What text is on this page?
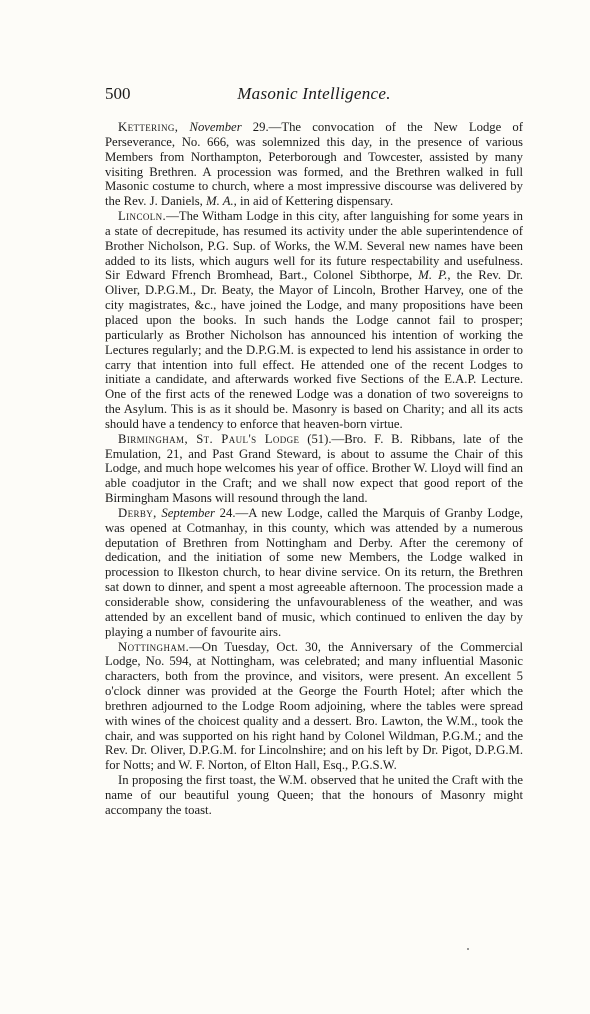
500	Masonic Intelligence.

Kettering, November 29.—The convocation of the New Lodge of Perseverance, No. 666, was solemnized this day, in the presence of various Members from Northampton, Peterborough and Towcester, assisted by many visiting Brethren. A procession was formed, and the Brethren walked in full Masonic costume to church, where a most impressive discourse was delivered by the Rev. J. Daniels, M. A., in aid of Kettering dispensary.

Lincoln.—The Witham Lodge in this city, after languishing for some years in a state of decrepitude, has resumed its activity under the able superintendence of Brother Nicholson, P.G. Sup. of Works, the W.M. Several new names have been added to its lists, which augurs well for its future respectability and usefulness. Sir Edward Ffrench Bromhead, Bart., Colonel Sibthorpe, M. P., the Rev. Dr. Oliver, D.P.G.M., Dr. Beaty, the Mayor of Lincoln, Brother Harvey, one of the city magistrates, &c., have joined the Lodge, and many propositions have been placed upon the books. In such hands the Lodge cannot fail to prosper; particularly as Brother Nicholson has announced his intention of working the Lectures regularly; and the D.P.G.M. is expected to lend his assistance in order to carry that intention into full effect. He attended one of the recent Lodges to initiate a candidate, and afterwards worked five Sections of the E.A.P. Lecture. One of the first acts of the renewed Lodge was a donation of two sovereigns to the Asylum. This is as it should be. Masonry is based on Charity; and all its acts should have a tendency to enforce that heaven-born virtue.

Birmingham, St. Paul's Lodge (51).—Bro. F. B. Ribbans, late of the Emulation, 21, and Past Grand Steward, is about to assume the Chair of this Lodge, and much hope welcomes his year of office. Brother W. Lloyd will find an able coadjutor in the Craft; and we shall now expect that good report of the Birmingham Masons will resound through the land.

Derby, September 24.—A new Lodge, called the Marquis of Granby Lodge, was opened at Cotmanhay, in this county, which was attended by a numerous deputation of Brethren from Nottingham and Derby. After the ceremony of dedication, and the initiation of some new Members, the Lodge walked in procession to Ilkeston church, to hear divine service. On its return, the Brethren sat down to dinner, and spent a most agreeable afternoon. The procession made a considerable show, considering the unfavourableness of the weather, and was attended by an excellent band of music, which continued to enliven the day by playing a number of favourite airs.

Nottingham.—On Tuesday, Oct. 30, the Anniversary of the Commercial Lodge, No. 594, at Nottingham, was celebrated; and many influential Masonic characters, both from the province, and visitors, were present. An excellent 5 o'clock dinner was provided at the George the Fourth Hotel; after which the brethren adjourned to the Lodge Room adjoining, where the tables were spread with wines of the choicest quality and a dessert. Bro. Lawton, the W.M., took the chair, and was supported on his right hand by Colonel Wildman, P.G.M.; and the Rev. Dr. Oliver, D.P.G.M. for Lincolnshire; and on his left by Dr. Pigot, D.P.G.M. for Notts; and W. F. Norton, of Elton Hall, Esq., P.G.S.W.

In proposing the first toast, the W.M. observed that he united the Craft with the name of our beautiful young Queen; that the honours of Masonry might accompany the toast.
